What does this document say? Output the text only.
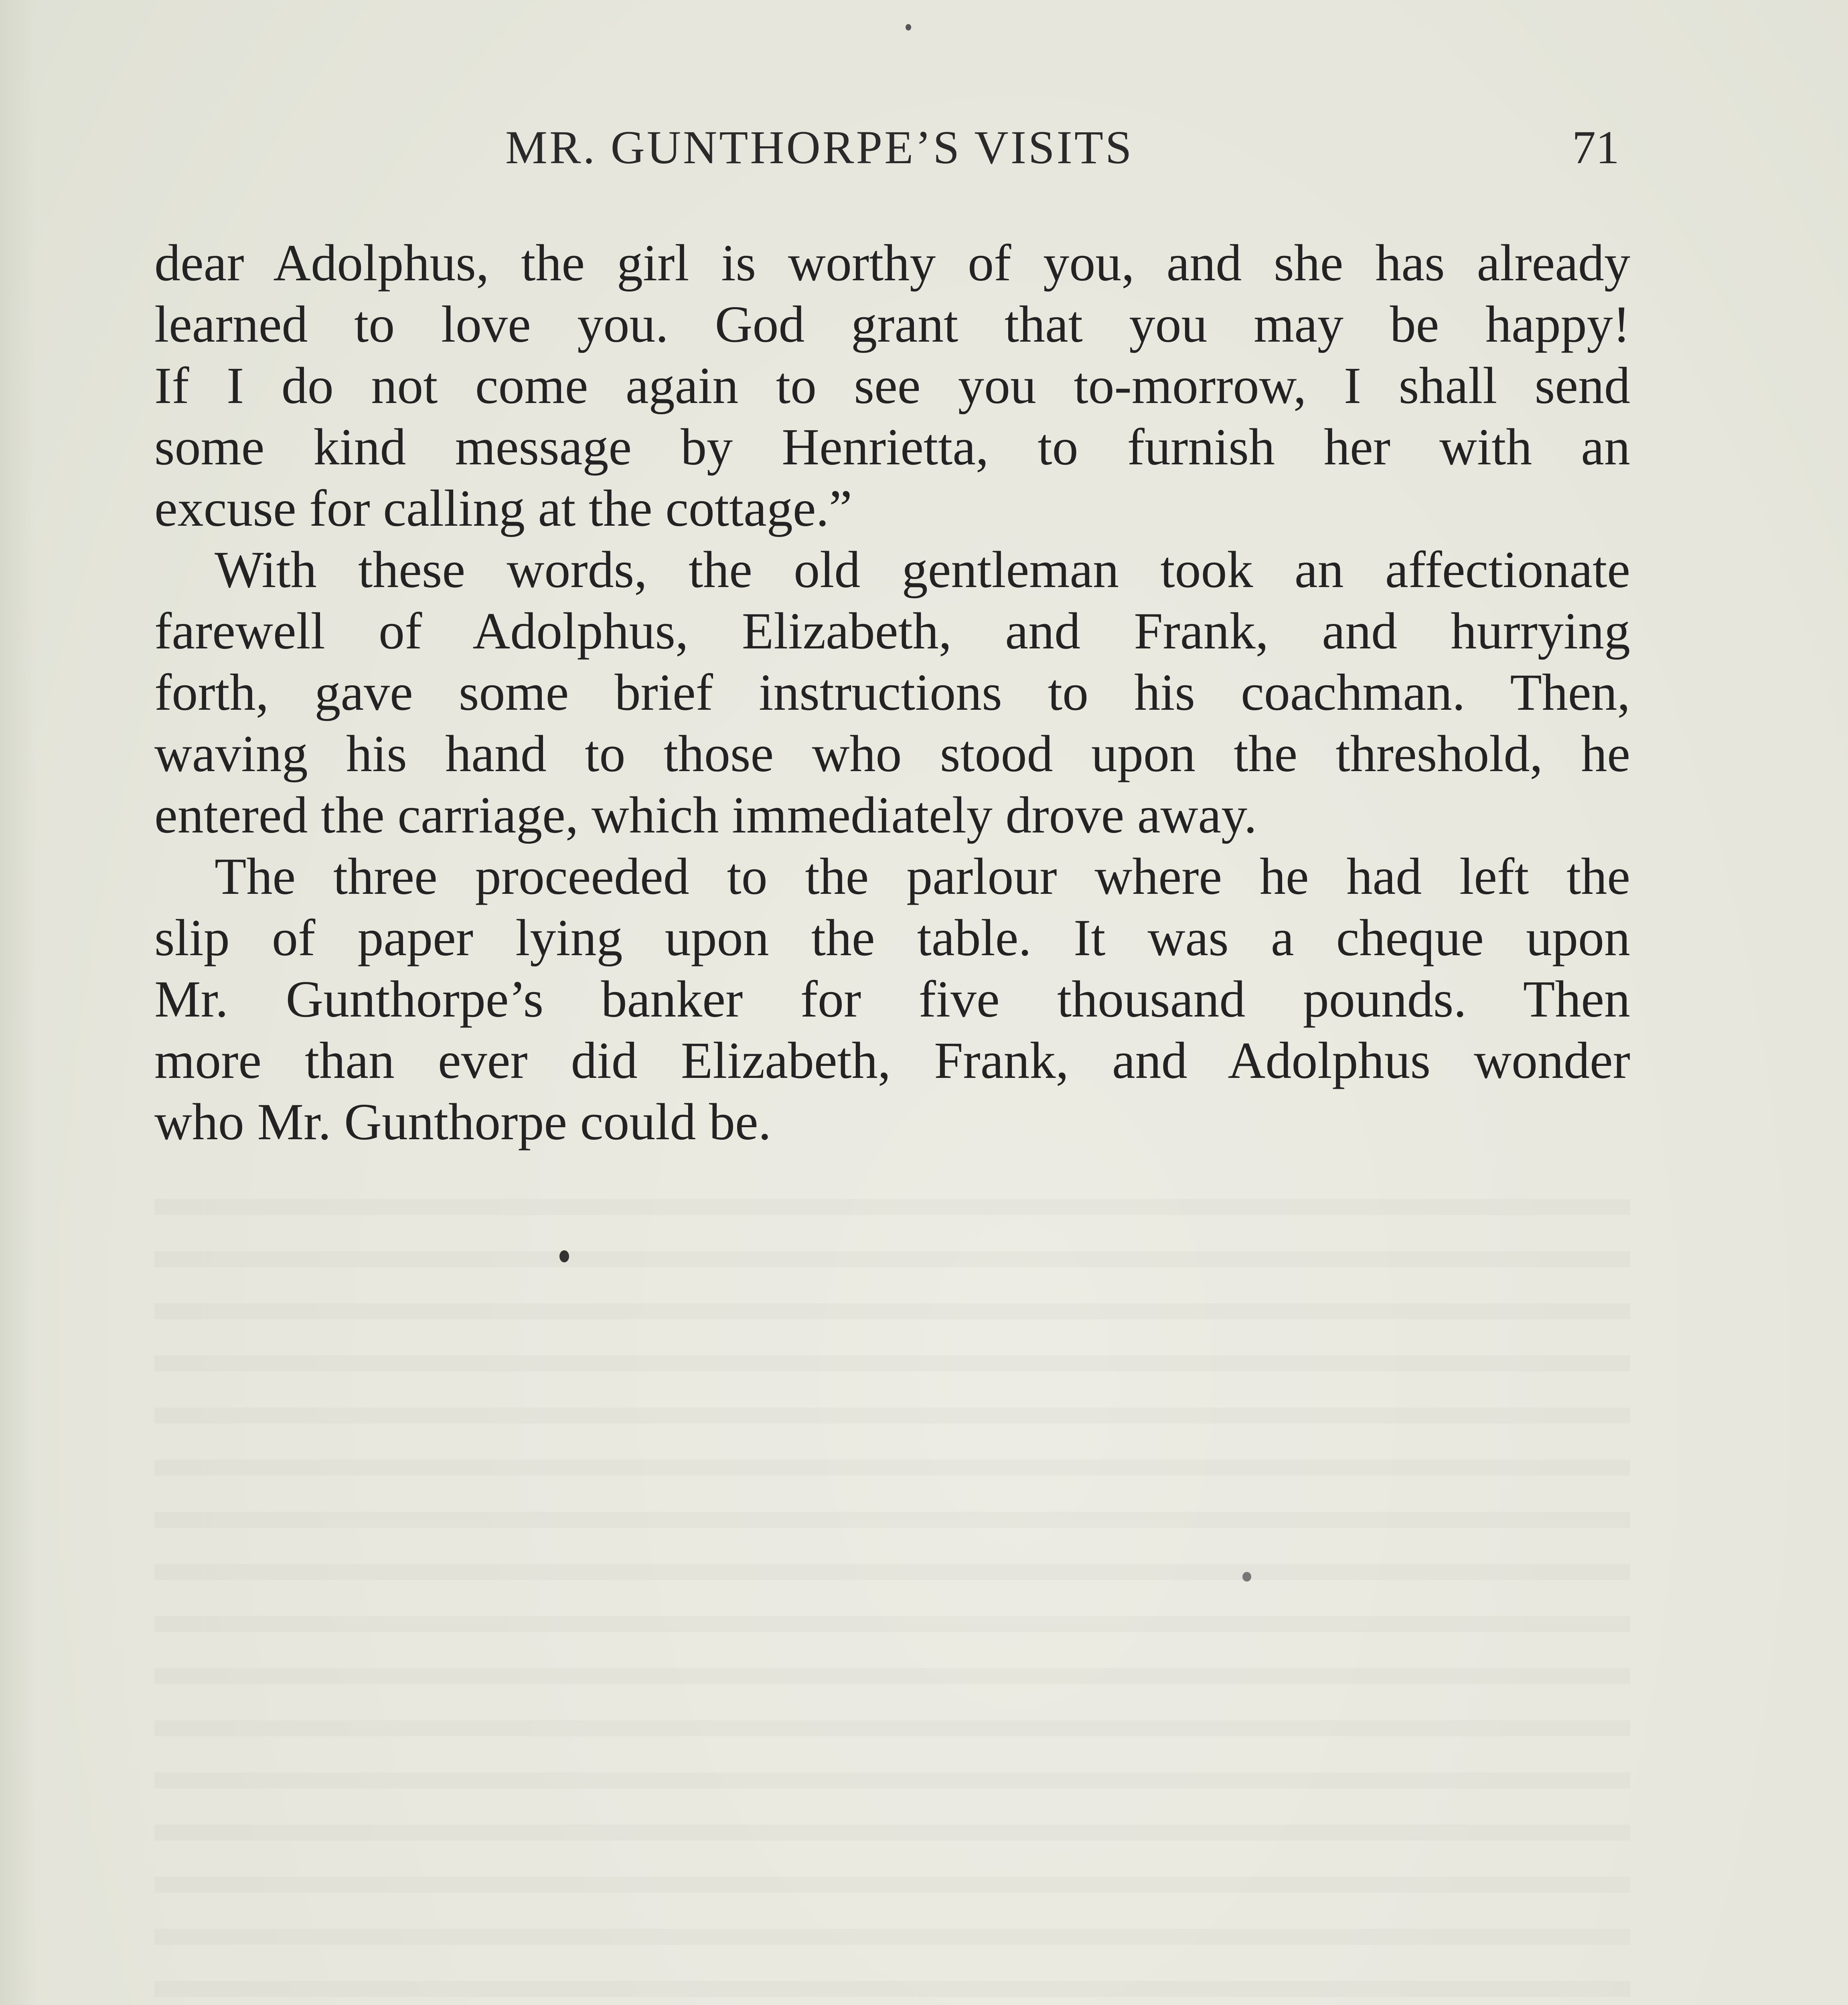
MR. GUNTHORPE’S VISITS	71
dear Adolphus, the girl is worthy of you, and she has already
learned to love you. God grant that you may be happy!
If I do not come again to see you to-morrow, I shall send
some kind message by Henrietta, to furnish her with an
excuse for calling at the cottage.”
With these words, the old gentleman took an affectionate
farewell of Adolphus, Elizabeth, and Frank, and hurrying
forth, gave some brief instructions to his coachman. Then,
waving his hand to those who stood upon the threshold, he
entered the carriage, which immediately drove away.
The three proceeded to the parlour where he had left the
slip of paper lying upon the table. It was a cheque upon
Mr. Gunthorpe’s banker for five thousand pounds. Then
more than ever did Elizabeth, Frank, and Adolphus wonder
who Mr. Gunthorpe could be.
